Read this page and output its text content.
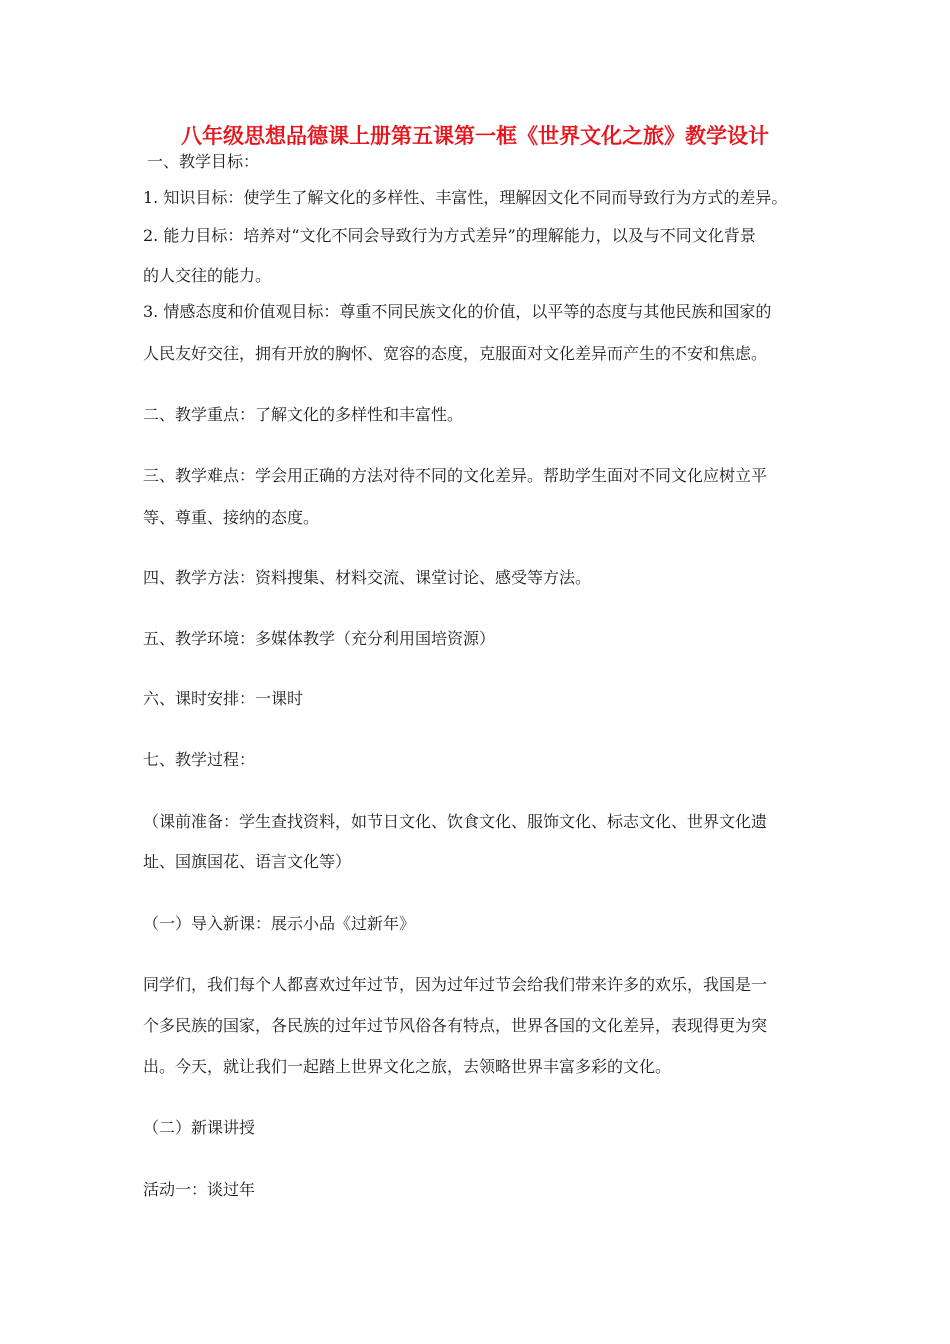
八年级思想品德课上册第五课第一框《世界文化之旅》教学设计
一、教学目标：
1. 知识目标：使学生了解文化的多样性、丰富性，理解因文化不同而导致行为方式的差异。
2. 能力目标：培养对“文化不同会导致行为方式差异”的理解能力，以及与不同文化背景
的人交往的能力。
3. 情感态度和价值观目标：尊重不同民族文化的价值，以平等的态度与其他民族和国家的
人民友好交往，拥有开放的胸怀、宽容的态度，克服面对文化差异而产生的不安和焦虑。
二、教学重点：了解文化的多样性和丰富性。
三、教学难点：学会用正确的方法对待不同的文化差异。帮助学生面对不同文化应树立平
等、尊重、接纳的态度。
四、教学方法：资料搜集、材料交流、课堂讨论、感受等方法。
五、教学环境：多媒体教学（充分利用国培资源）
六、课时安排：一课时
七、教学过程：
（课前准备：学生查找资料，如节日文化、饮食文化、服饰文化、标志文化、世界文化遗
址、国旗国花、语言文化等）
（一）导入新课：展示小品《过新年》
同学们，我们每个人都喜欢过年过节，因为过年过节会给我们带来许多的欢乐，我国是一
个多民族的国家，各民族的过年过节风俗各有特点，世界各国的文化差异，表现得更为突
出。今天，就让我们一起踏上世界文化之旅，去领略世界丰富多彩的文化。
（二）新课讲授
活动一：谈过年
